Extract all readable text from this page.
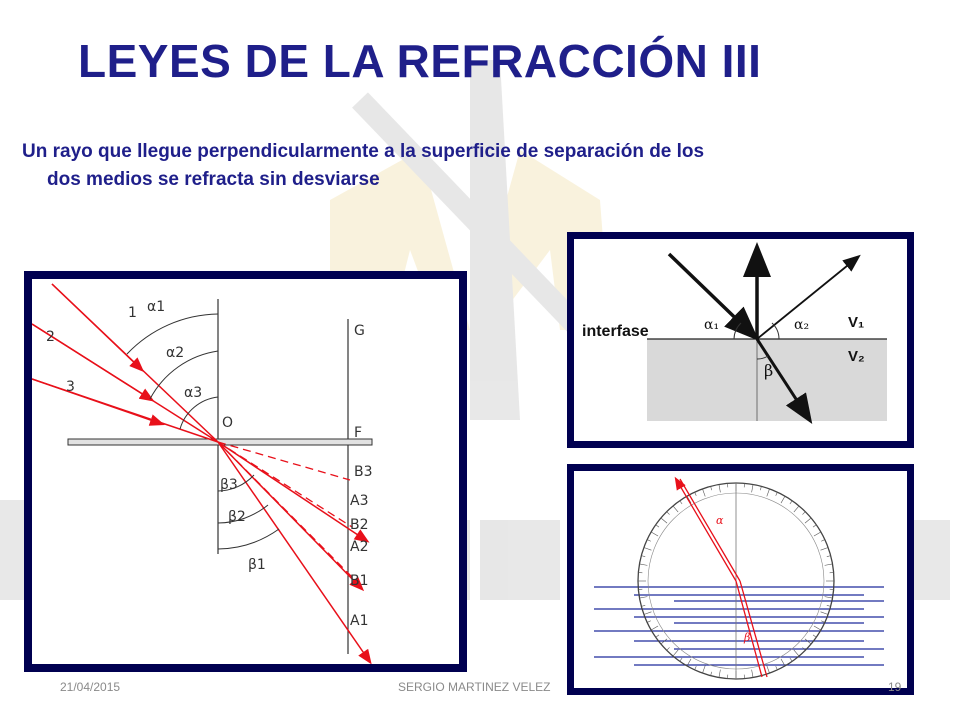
LEYES DE LA REFRACCIÓN III

Un rayo que llegue perpendicularmente a la superficie de separación de los
dos medios se refracta sin desviarse

1
2
3
α1
α2
α3
β3
β2
β1
O
G
F
B3
A3
B2
A2
B1
A1
interfase	α₁	α₂
β
V₁
V₂
α
β
21/04/2015	SERGIO MARTINEZ VELEZ	19
